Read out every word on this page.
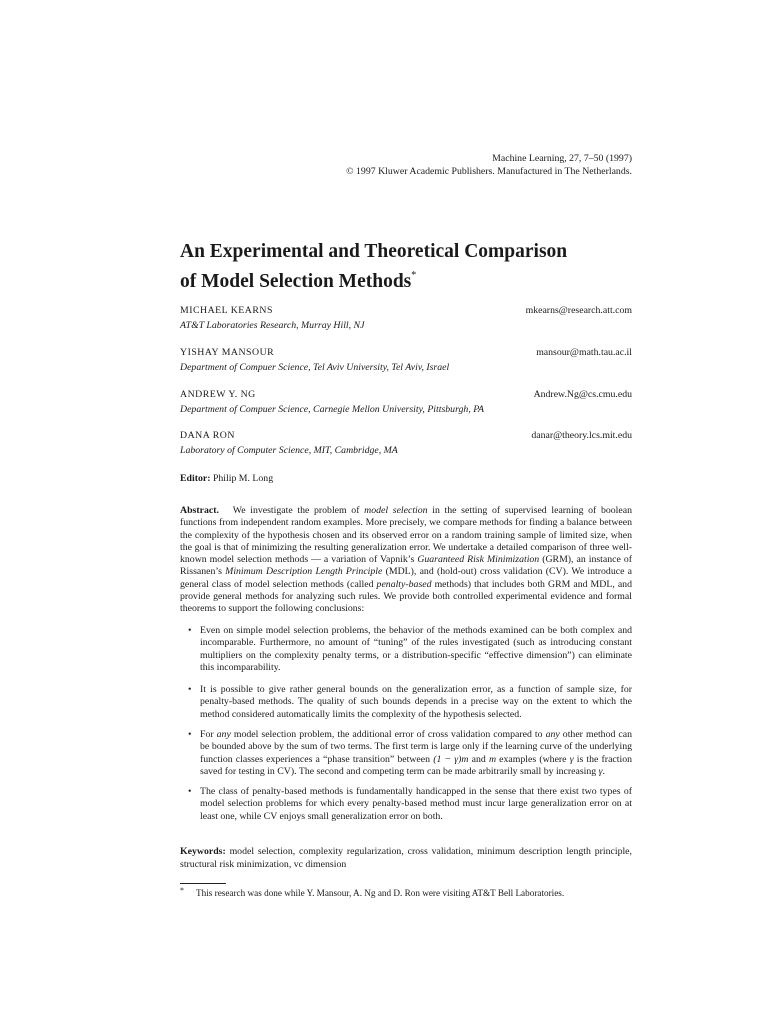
Machine Learning, 27, 7–50 (1997)
© 1997 Kluwer Academic Publishers. Manufactured in The Netherlands.
An Experimental and Theoretical Comparison
of Model Selection Methods*
MICHAEL KEARNS	mkearns@research.att.com
AT&T Laboratories Research, Murray Hill, NJ
YISHAY MANSOUR	mansour@math.tau.ac.il
Department of Compuer Science, Tel Aviv University, Tel Aviv, Israel
ANDREW Y. NG	Andrew.Ng@cs.cmu.edu
Department of Compuer Science, Carnegie Mellon University, Pittsburgh, PA
DANA RON	danar@theory.lcs.mit.edu
Laboratory of Computer Science, MIT, Cambridge, MA
Editor: Philip M. Long
Abstract. We investigate the problem of model selection in the setting of supervised learning of boolean functions from independent random examples. More precisely, we compare methods for finding a balance between the complexity of the hypothesis chosen and its observed error on a random training sample of limited size, when the goal is that of minimizing the resulting generalization error. We undertake a detailed comparison of three well-known model selection methods — a variation of Vapnik’s Guaranteed Risk Minimization (GRM), an instance of Rissanen’s Minimum Description Length Principle (MDL), and (hold-out) cross validation (CV). We introduce a general class of model selection methods (called penalty-based methods) that includes both GRM and MDL, and provide general methods for analyzing such rules. We provide both controlled experimental evidence and formal theorems to support the following conclusions:
• Even on simple model selection problems, the behavior of the methods examined can be both complex and incomparable. Furthermore, no amount of “tuning” of the rules investigated (such as introducing constant multipliers on the complexity penalty terms, or a distribution-specific “effective dimension”) can eliminate this incomparability.
• It is possible to give rather general bounds on the generalization error, as a function of sample size, for penalty-based methods. The quality of such bounds depends in a precise way on the extent to which the method considered automatically limits the complexity of the hypothesis selected.
• For any model selection problem, the additional error of cross validation compared to any other method can be bounded above by the sum of two terms. The first term is large only if the learning curve of the underlying function classes experiences a “phase transition” between (1 − γ)m and m examples (where γ is the fraction saved for testing in CV). The second and competing term can be made arbitrarily small by increasing γ.
• The class of penalty-based methods is fundamentally handicapped in the sense that there exist two types of model selection problems for which every penalty-based method must incur large generalization error on at least one, while CV enjoys small generalization error on both.
Keywords: model selection, complexity regularization, cross validation, minimum description length principle, structural risk minimization, vc dimension
*	This research was done while Y. Mansour, A. Ng and D. Ron were visiting AT&T Bell Laboratories.
